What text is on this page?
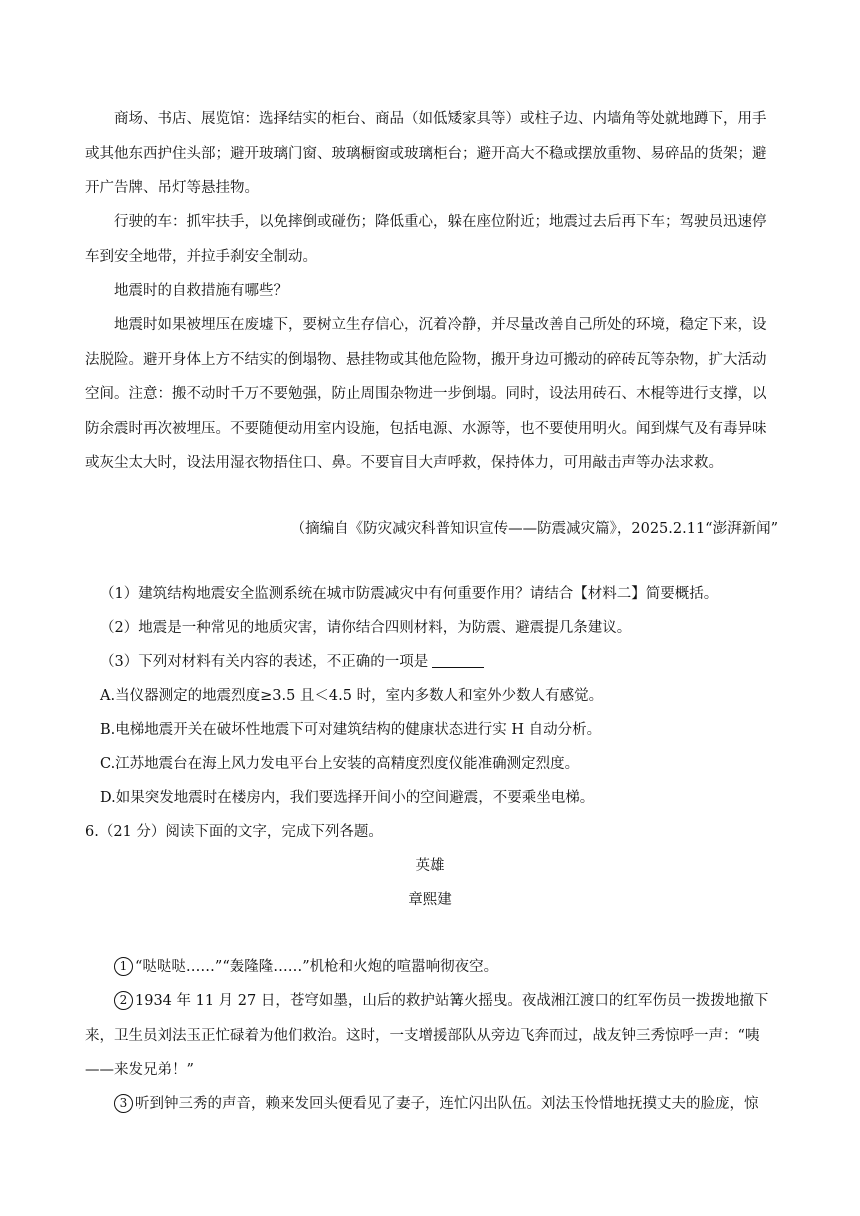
商场、书店、展览馆：选择结实的柜台、商品（如低矮家具等）或柱子边、内墙角等处就地蹲下，用手或其他东西护住头部；避开玻璃门窗、玻璃橱窗或玻璃柜台；避开高大不稳或摆放重物、易碎品的货架；避开广告牌、吊灯等悬挂物。

行驶的车：抓牢扶手，以免摔倒或碰伤；降低重心，躲在座位附近；地震过去后再下车；驾驶员迅速停车到安全地带，并拉手刹安全制动。

地震时的自救措施有哪些？

地震时如果被埋压在废墟下，要树立生存信心，沉着冷静，并尽量改善自己所处的环境，稳定下来，设法脱险。避开身体上方不结实的倒塌物、悬挂物或其他危险物，搬开身边可搬动的碎砖瓦等杂物，扩大活动空间。注意：搬不动时千万不要勉强，防止周围杂物进一步倒塌。同时，设法用砖石、木棍等进行支撑，以防余震时再次被埋压。不要随便动用室内设施，包括电源、水源等，也不要使用明火。闻到煤气及有毒异味或灰尘太大时，设法用湿衣物捂住口、鼻。不要盲目大声呼救，保持体力，可用敲击声等办法求救。

（摘编自《防灾减灾科普知识宣传——防震减灾篇》，2025.2.11“澎湃新闻”

（1）建筑结构地震安全监测系统在城市防震减灾中有何重要作用？请结合【材料二】简要概括。

（2）地震是一种常见的地质灾害，请你结合四则材料，为防震、避震提几条建议。

（3）下列对材料有关内容的表述，不正确的一项是

A.当仪器测定的地震烈度≥3.5 且＜4.5 时，室内多数人和室外少数人有感觉。

B.电梯地震开关在破坏性地震下可对建筑结构的健康状态进行实 H 自动分析。

C.江苏地震台在海上风力发电平台上安装的高精度烈度仪能准确测定烈度。

D.如果突发地震时在楼房内，我们要选择开间小的空间避震，不要乘坐电梯。

6.（21 分）阅读下面的文字，完成下列各题。

英雄

章熙建

1 “哒哒哒……”“轰隆隆……”机枪和火炮的喧嚣响彻夜空。

2 1934 年 11 月 27 日，苍穹如墨，山后的救护站篝火摇曳。夜战湘江渡口的红军伤员一拨拨地撤下来，卫生员刘法玉正忙碌着为他们救治。这时，一支增援部队从旁边飞奔而过，战友钟三秀惊呼一声：“咦——来发兄弟！”

3 听到钟三秀的声音，赖来发回头便看见了妻子，连忙闪出队伍。刘法玉怜惜地抚摸丈夫的脸庞，惊
